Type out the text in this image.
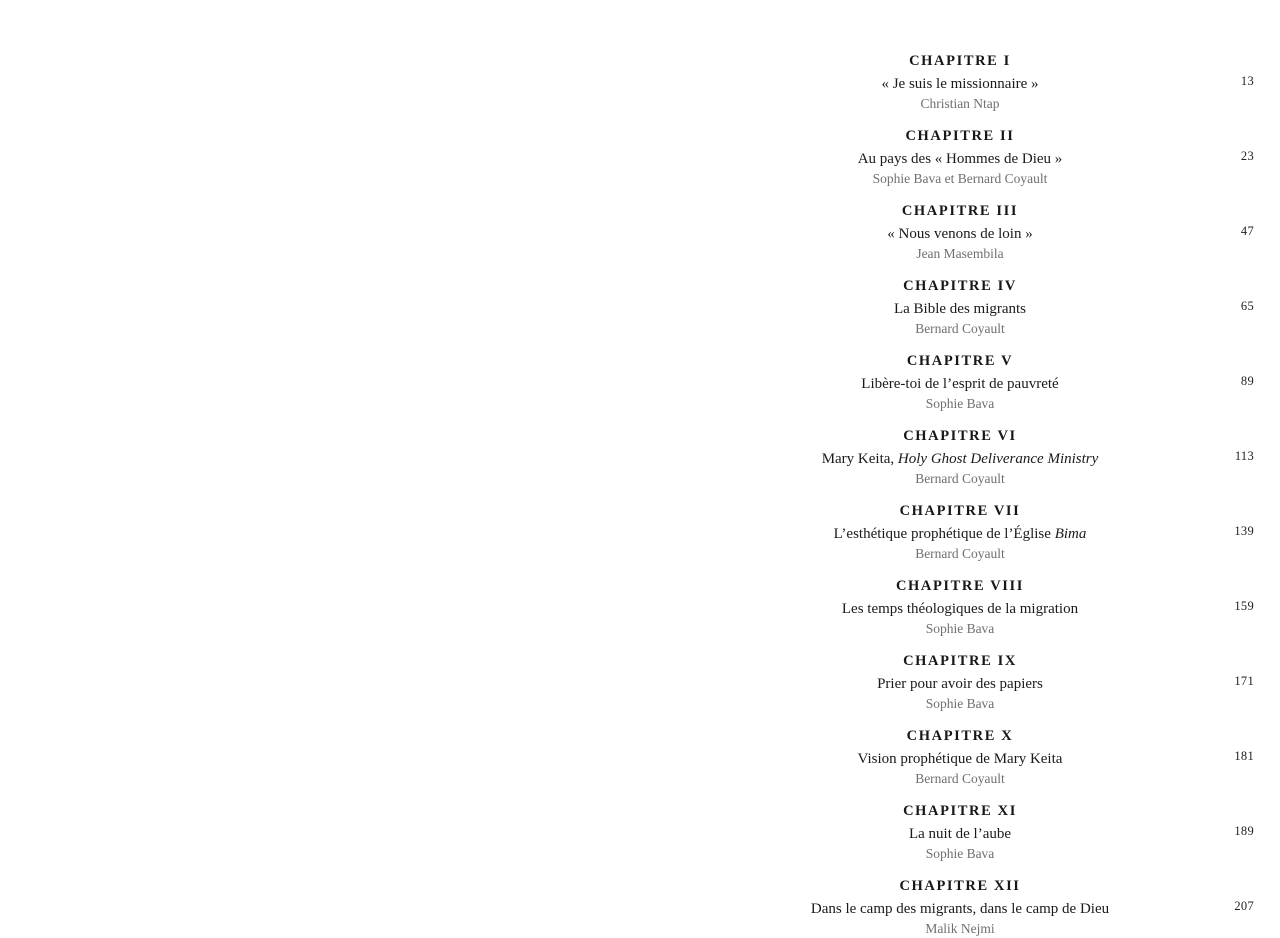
CHAPITRE I
« Je suis le missionnaire »
Christian Ntap
13
CHAPITRE II
Au pays des « Hommes de Dieu »
Sophie Bava et Bernard Coyault
23
CHAPITRE III
« Nous venons de loin »
Jean Masembila
47
CHAPITRE IV
La Bible des migrants
Bernard Coyault
65
CHAPITRE V
Libère-toi de l’esprit de pauvreté
Sophie Bava
89
CHAPITRE VI
Mary Keita, Holy Ghost Deliverance Ministry
Bernard Coyault
113
CHAPITRE VII
L’esthétique prophétique de l’Église Bima
Bernard Coyault
139
CHAPITRE VIII
Les temps théologiques de la migration
Sophie Bava
159
CHAPITRE IX
Prier pour avoir des papiers
Sophie Bava
171
CHAPITRE X
Vision prophétique de Mary Keita
Bernard Coyault
181
CHAPITRE XI
La nuit de l’aube
Sophie Bava
189
CHAPITRE XII
Dans le camp des migrants, dans le camp de Dieu
Malik Nejmi
207
